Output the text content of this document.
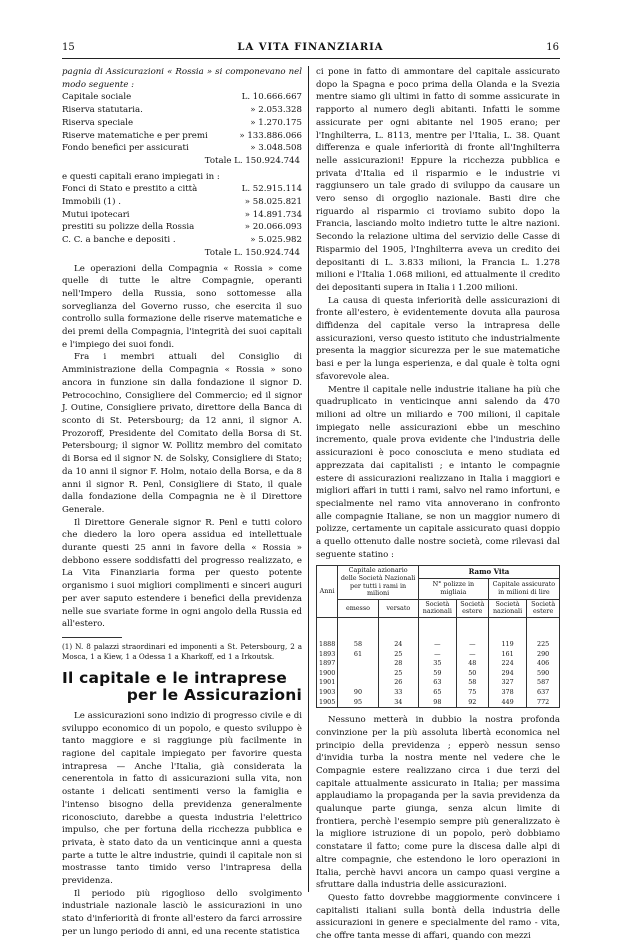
15	LA VITA FINANZIARIA	16

pagnia di Assicurazioni « Rossia » si componevano nel modo seguente :

Capitale sociale	L. 10.666.667
Riserva statutaria.	» 2.053.328
Riserva speciale	» 1.270.175
Riserve matematiche e per premi	» 133.886.066
Fondo benefici per assicurati	» 3.048.508
Totale L. 150.924.744

e questi capitali erano impiegati in :

Fonci di Stato e prestito a città	L. 52.915.114
Immobili (1) .	» 58.025.821
Mutui ipotecari	» 14.891.734
prestiti su polizze della Rossia	» 20.066.093
C. C. a banche e depositi .	» 5.025.982
Totale L. 150.924.744

Le operazioni della Compagnia « Rossia » come quelle di tutte le altre Compagnie, operanti nell'Impero della Russia, sono sottomesse alla sorveglianza del Governo russo, che esercita il suo controllo sulla formazione delle riserve matematiche e dei premi della Compagnia, l'integrità dei suoi capitali e l'impiego dei suoi fondi.

Fra i membri attuali del Consiglio di Amministrazione della Compagnia « Rossia » sono ancora in funzione sin dalla fondazione il signor D. Petrocochino, Consigliere del Commercio; ed il signor J. Outine, Consigliere privato, direttore della Banca di sconto di St. Petersbourg; da 12 anni, il signor A. Prozoroff, Presidente del Comitato della Borsa di St. Petersbourg; il signor W. Pollitz membro del comitato di Borsa ed il signor N. de Solsky, Consigliere di Stato; da 10 anni il signor F. Holm, notaio della Borsa, e da 8 anni il signor R. Penl, Consigliere di Stato, il quale dalla fondazione della Compagnia ne è il Direttore Generale.

Il Direttore Generale signor R. Penl e tutti coloro che diedero la loro opera assidua ed intellettuale durante questi 25 anni in favore della « Rossia » debbono essere soddisfatti del progresso realizzato, e La Vita Finanziaria forma per questo potente organismo i suoi migliori complimenti e sinceri auguri per aver saputo estendere i benefici della previdenza nelle sue svariate forme in ogni angolo della Russia ed all'estero.

(1) N. 8 palazzi straordinari ed imponenti a St. Petersbourg, 2 a Mosca, 1 a Kiew, 1 a Odessa 1 a Kharkoff, ed 1 a Irkoutsk.

Il capitale e le intraprese
per le Assicurazioni

Le assicurazioni sono indizio di progresso civile e di sviluppo economico di un popolo, e questo sviluppo è tanto maggiore e si raggiunge più facilmente in ragione del capitale impiegato per favorire questa intrapresa — Anche l'Italia, già considerata la cenerentola in fatto di assicurazioni sulla vita, non ostante i delicati sentimenti verso la famiglia e l'intenso bisogno della previdenza generalmente riconosciuto, darebbe a questa industria l'elettrico impulso, che per fortuna della ricchezza pubblica e privata, è stato dato da un venticinque anni a questa parte a tutte le altre industrie, quindi il capitale non si mostrasse tanto timido verso l'intrapresa della previdenza.

Il periodo più rigoglioso dello svolgimento industriale nazionale lasciò le assicurazioni in uno stato d'inferiorità di fronte all'estero da farci arrossire per un lungo periodo di anni, ed una recente statistica

ci pone in fatto di ammontare del capitale assicurato dopo la Spagna e poco prima della Olanda e la Svezia mentre siamo gli ultimi in fatto di somme assicurate in rapporto al numero degli abitanti. Infatti le somme assicurate per ogni abitante nel 1905 erano; per l'Inghilterra, L. 8113, mentre per l'Italia, L. 38. Quant differenza e quale inferiorità di fronte all'Inghilterra nelle assicurazioni! Eppure la ricchezza pubblica e privata d'Italia ed il risparmio e le industrie vi raggiunsero un tale grado di sviluppo da causare un vero senso di orgoglio nazionale. Basti dire che riguardo al risparmio ci troviamo subito dopo la Francia, lasciando molto indietro tutte le altre nazioni. Secondo la relazione ultima del servizio delle Casse di Risparmio del 1905, l'Inghilterra aveva un credito dei depositanti di L. 3.833 milioni, la Francia L. 1.278 milioni e l'Italia 1.068 milioni, ed attualmente il credito dei depositanti supera in Italia i 1.200 milioni.

La causa di questa inferiorità delle assicurazioni di fronte all'estero, è evidentemente dovuta alla paurosa diffidenza del capitale verso la intrapresa delle assicurazioni, verso questo istituto che industrialmente presenta la maggior sicurezza per le sue matematiche basi e per la lunga esperienza, e dal quale è tolta ogni sfavorevole alea.

Mentre il capitale nelle industrie italiane ha più che quadruplicato in venticinque anni salendo da 470 milioni ad oltre un miliardo e 700 milioni, il capitale impiegato nelle assicurazioni ebbe un meschino incremento, quale prova evidente che l'industria delle assicurazioni è poco conosciuta e meno studiata ed apprezzata dai capitalisti ; e intanto le compagnie estere di assicurazioni realizzano in Italia i maggiori e migliori affari in tutti i rami, salvo nel ramo infortuni, e specialmente nel ramo vita annoverano in confronto alle compagnie Italiane, se non un maggior numero di polizze, certamente un capitale assicurato quasi doppio a quello ottenuto dalle nostre società, come rilevasi dal seguente statino :

Anni	Capitale azionario delle Società Nazionali per tutti i rami in milioni		Ramo Vita			
			N° polizze in migliaia		Capitale assicurato in milioni di lire	
	emesso	versato	Società nazionali	Società estere	Società nazionali	Società estere

1888	58	24	—	—	119	225
1893	61	25	—	—	161	290
1897		28	35	48	224	406
1900		25	59	50	294	590
1901		26	63	58	327	587
1903	90	33	65	75	378	637
1905	95	34	98	92	449	772

Nessuno metterà in dubbio la nostra profonda convinzione per la più assoluta libertà economica nel principio della previdenza ; epperò nessun senso d'invidia turba la nostra mente nel vedere che le Compagnie estere realizzano circa i due terzi del capitale attualmente assicurato in Italia; per massima applaudiamo la propaganda per la savia previdenza da qualunque parte giunga, senza alcun limite di frontiera, perchè l'esempio sempre più generalizzato è la migliore istruzione di un popolo, però dobbiamo constatare il fatto; come pure la discesa dalle alpi di altre compagnie, che estendono le loro operazioni in Italia, perchè havvi ancora un campo quasi vergine a sfruttare dalla industria delle assicurazioni.

Questo fatto dovrebbe maggiormente convincere i capitalisti italiani sulla bontà della industria delle assicurazioni in genere e specialmente del ramo - vita, che offre tanta messe di affari, quando con mezzi
